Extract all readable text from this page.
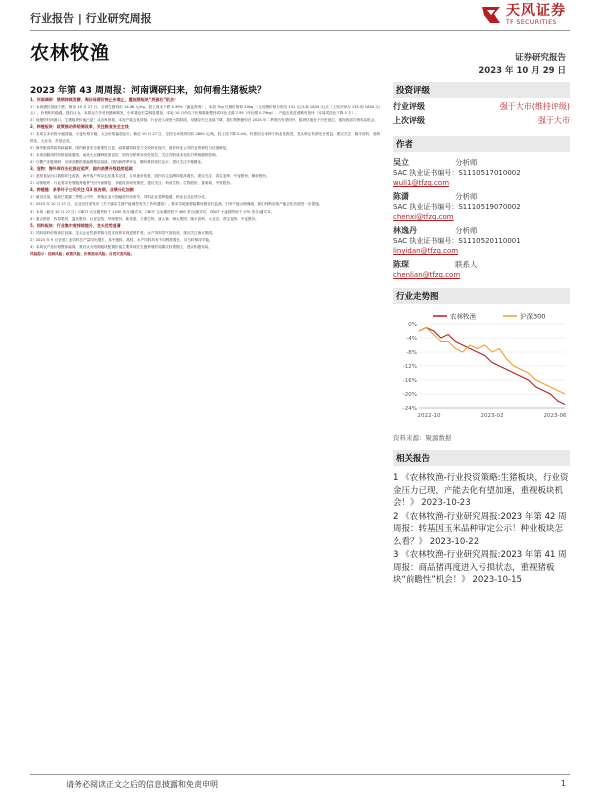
行业报告 | 行业研究周报	天风证券
TF SECURITIES
农林牧渔	证券研究报告
2023 年 10 月 29 日
2023 年第 43 周周报：河南调研归来，如何看生猪板块？
1、河南调研：猪病持续发酵，淘汰母猪价格止步难止，重视猪板块“底部右”机会！
1）本周猪价延续下跌，截至 10 月 27 日，全国生猪均价 14.46 元/kg，较上周末下跌 4.39%（涌益咨询），本周 7kg 仔猪价格和 50kg 二元母猪价格分别为 131 元/头和 1634 元/头（上周分别为 130 和 1634 元/头）。价格相对稳健。我们认为，本周北方多省份猪病频发，小体重出栏量明显增加，本轮 10 月份以下价格重新整体或环比走弱 7.95（环比增 0.79kg），产能去化进度略有加快（本周或同比下降 2 万）。
2）低猪价时间窗口，生猪板块价值凸显！从各角度看，本轮产能去化持续，行业进入深度亏损阶段，母猪存栏已连续下降，我们判断猪价在 2024 年二季度后有望回升，板块估值处于历史低位，重视底部右侧布局机会。
2、种植板块：政策推动供给侧改革，关注粮食安全主线
1）本周玉米价格小幅回落，小麦价格平稳，大豆价格偏弱运行。截至 10 月 27 日，全国玉米现货均价 2800 元/吨，较上周下降 0.4%。转基因玉米种子商业化推进，龙头种企有望充分受益。建议关注：隆平高科、登海种业、大北农、苏垦农发。
2）海外粮食供给持续偏紧，国内粮食安全重要性凸显，政策端持续发力支持种业振兴，看好种业公司的业绩弹性与估值修复。
3）本周油脂油料价格延续震荡，南美大豆播种进度良好，国内豆粕库存仍处低位，关注饲料成本变化对养殖端的影响。
4）白糖产业链调研：全球食糖供需偏紧格局延续，国内新榨季开启，糖价维持高位运行，建议关注中粮糖业。
3、宠物：海外库存去化接近尾声，国内消费升级趋势延续
1）宠物食品出口数据环比改善，海外客户库存去化基本完成，订单逐步恢复，国内自主品牌持续高增长。建议关注：乖宝宠物、中宠股份、佩蒂股份。
2）动保板块：行业需求有望随养殖景气回升而修复，非瘟疫苗研发推进，建议关注：科前生物、生物股份、普莱柯、中牧股份。
4、种植链：多茶叶子公司关注 Q3 报告期，业绩分化加剧
1）截至目前，板块已披露三季报公司中，养殖企业亏损幅度环比收窄，饲料企业盈利稳健，种业企业业绩分化。
2）2023 年 10 月 27 日，农业农村部发布《关于落实生猪产能调控有关工作的通知》，要求各地加强能繁母猪存栏监测，引导产能合理调减，我们判断后续产能去化有望进一步提速。
3）本周（截至 10 月 27 日）CBOT 大豆期货收于 1300 美分/蒲式耳，CBOT 玉米期货收于 480 美分/蒲式耳，CBOT 小麦期货收于 570 美分/蒲式耳。
4）重点推荐：牧原股份、温氏股份、巨星农牧、华统股份、新希望、天康生物、唐人神、海大集团、隆平高科、大北农、乖宝宠物、中宠股份。
5、饲料板块：行业集中度持续提升，龙头优势显著
1）饲料原料价格高位回落，龙头企业凭借采购与技术优势实现逆势扩张，水产饲料景气度较高，建议关注海大集团。
2）2023 年 9 月全国工业饲料总产量同比增长，其中猪料、禽料、水产饲料均有不同程度增长，反刍料保持平稳。
3）本周农产品价格整体偏弱，我们认为短期板块配置价值主要体现在生猪养殖的周期反转预期上，建议积极布局。
风险提示：疫病风险；政策风险；价格波动风险；自然灾害风险。
投资评级
行业评级	强于大市(维持评级)
上次评级	强于大市
作者
吴立	分析师
SAC 执业证书编号：S1110517010002
wuli1@tfzq.com
陈潇	分析师
SAC 执业证书编号：S1110519070002
chenxi@tfzq.com
林逸丹	分析师
SAC 执业证书编号：S1110520110001
linyidan@tfzq.com
陈琛	联系人
chenlian@tfzq.com
行业走势图
农林牧渔	沪深300
0%
-4%
-8%
-12%
-16%
-20%
-24%
2022-10	2023-02	2023-06
资料来源：聚源数据
相关报告
1 《农林牧渔-行业投资策略:生猪板块，行业资金压力已现，产能去化有望加速，重视板块机会！》 2023-10-23
2 《农林牧渔-行业研究周报:2023 年第 42 周周报：转基因玉米品种审定公示！种业板块怎么看？》 2023-10-22
3 《农林牧渔-行业研究周报:2023 年第 41 周周报：商品猪再度进入亏损状态，重视猪板块“前瞻性”机会！》 2023-10-15
请务必阅读正文之后的信息披露和免责申明	1
